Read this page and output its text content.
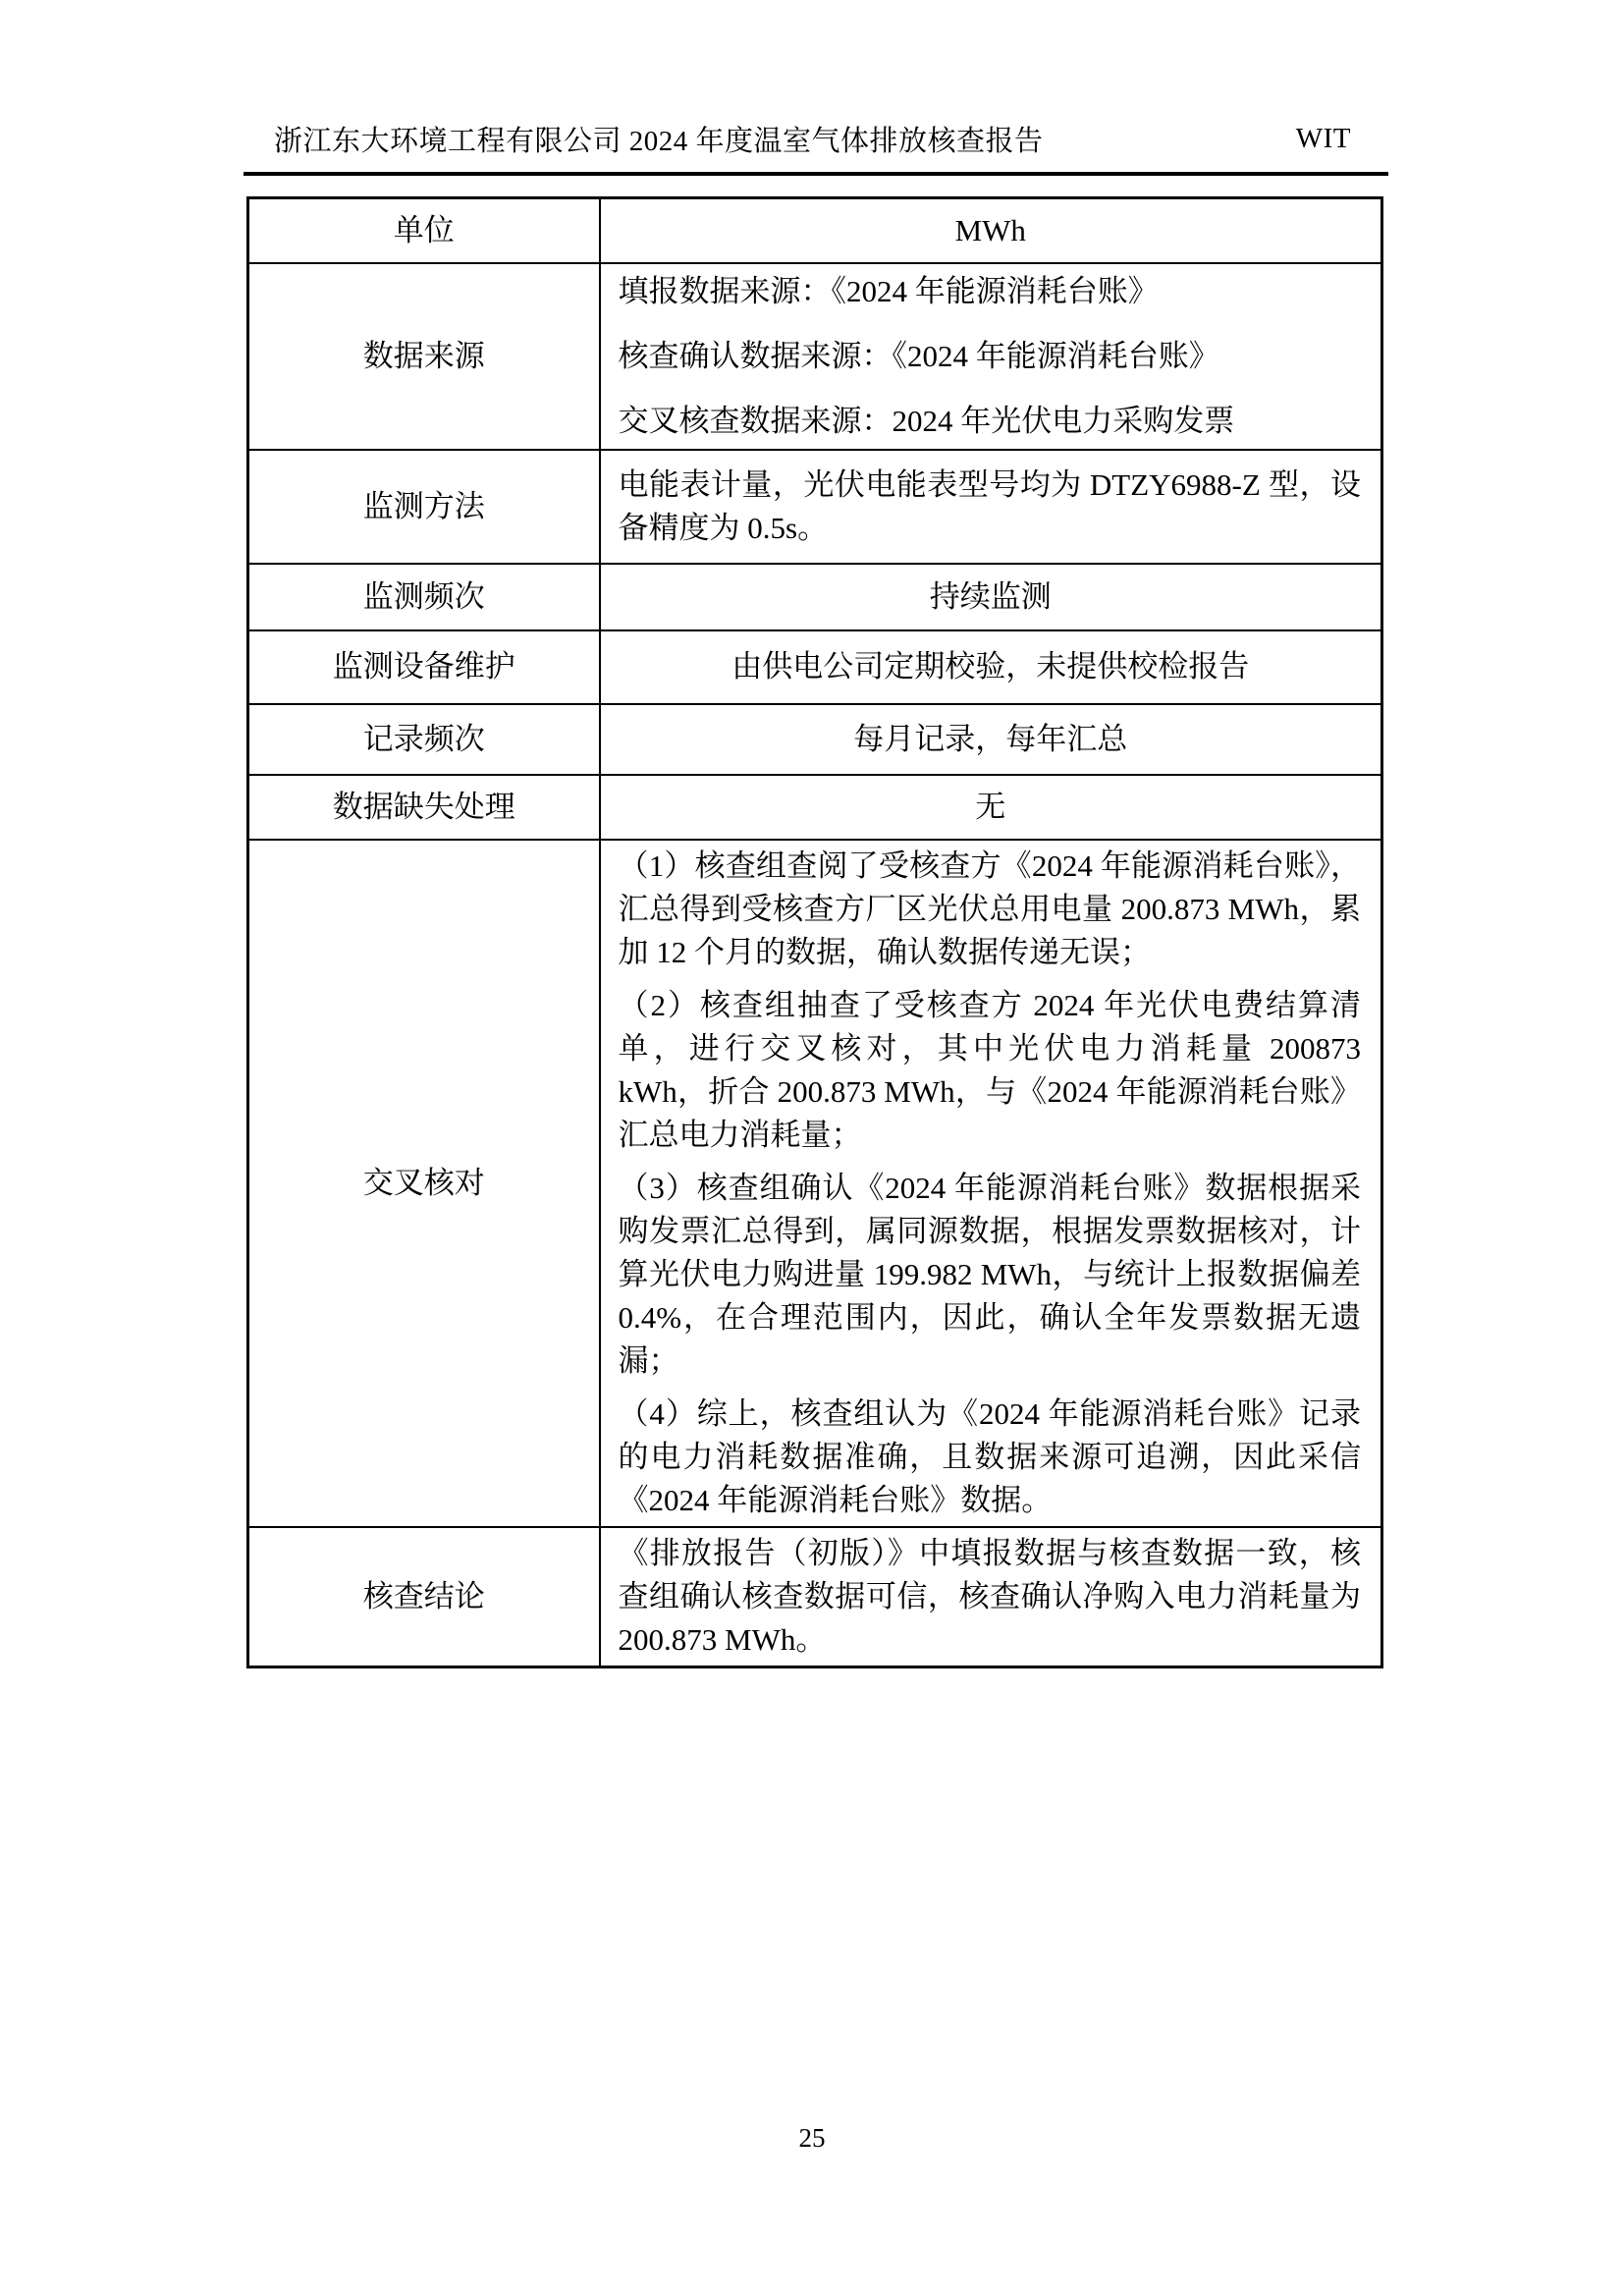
浙江东大环境工程有限公司 2024 年度温室气体排放核查报告	WIT
单位	MWh
数据来源	填报数据来源：《2024 年能源消耗台账》

核查确认数据来源：《2024 年能源消耗台账》

交叉核查数据来源：2024 年光伏电力采购发票

监测方法	电能表计量，光伏电能表型号均为 DTZY6988-Z 型，设备精度为 0.5s。

监测频次	持续监测
监测设备维护	由供电公司定期校验，未提供校检报告
记录频次	每月记录，每年汇总
数据缺失处理	无
交叉核对	（1）核查组查阅了受核查方《2024 年能源消耗台账》，汇总得到受核查方厂区光伏总用电量 200.873 MWh，累加 12 个月的数据，确认数据传递无误；

（2）核查组抽查了受核查方 2024 年光伏电费结算清单，进行交叉核对，其中光伏电力消耗量 200873 kWh，折合 200.873 MWh，与《2024 年能源消耗台账》汇总电力消耗量；

（3）核查组确认《2024 年能源消耗台账》数据根据采购发票汇总得到，属同源数据，根据发票数据核对，计算光伏电力购进量 199.982 MWh，与统计上报数据偏差 0.4%，在合理范围内，因此，确认全年发票数据无遗漏；

（4）综上，核查组认为《2024 年能源消耗台账》记录的电力消耗数据准确，且数据来源可追溯，因此采信《2024 年能源消耗台账》数据。

核查结论	《排放报告（初版）》中填报数据与核查数据一致，核查组确认核查数据可信，核查确认净购入电力消耗量为 200.873 MWh。

25
